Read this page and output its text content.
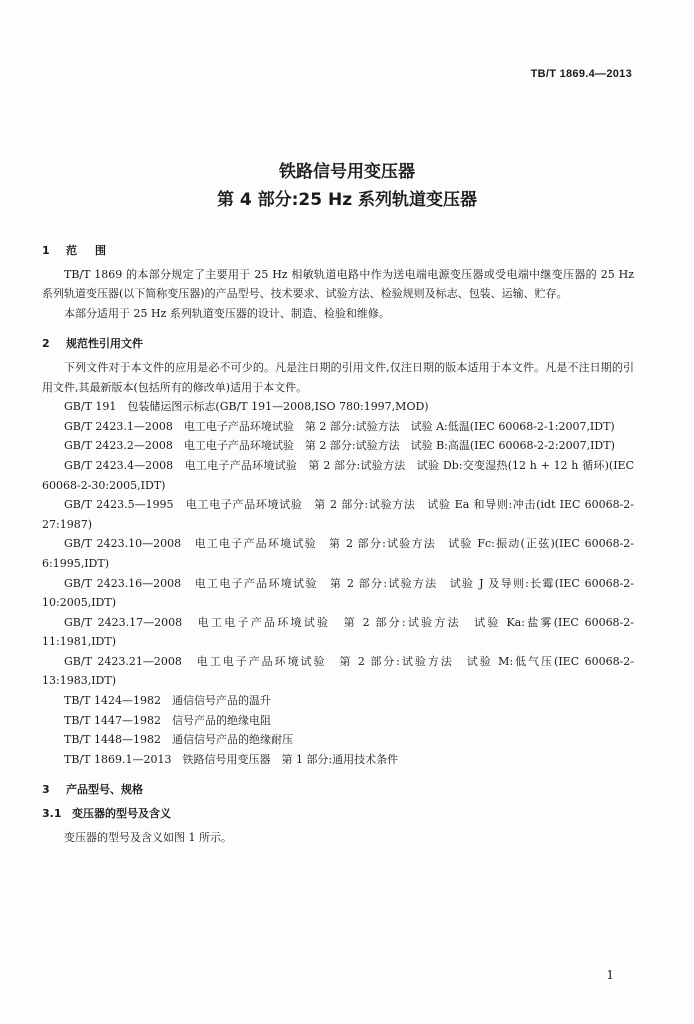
TB/T 1869.4—2013
铁路信号用变压器
第 4 部分:25 Hz 系列轨道变压器
1 范围

TB/T 1869 的本部分规定了主要用于 25 Hz 相敏轨道电路中作为送电端电源变压器或受电端中继变压器的 25 Hz 系列轨道变压器(以下简称变压器)的产品型号、技术要求、试验方法、检验规则及标志、包装、运输、贮存。

本部分适用于 25 Hz 系列轨道变压器的设计、制造、检验和维修。

2 规范性引用文件

下列文件对于本文件的应用是必不可少的。凡是注日期的引用文件,仅注日期的版本适用于本文件。凡是不注日期的引用文件,其最新版本(包括所有的修改单)适用于本文件。

GB/T 191　包装储运图示标志(GB/T 191—2008,ISO 780:1997,MOD)

GB/T 2423.1—2008　电工电子产品环境试验　第 2 部分:试验方法　试验 A:低温(IEC 60068-2-1:2007,IDT)

GB/T 2423.2—2008　电工电子产品环境试验　第 2 部分:试验方法　试验 B:高温(IEC 60068-2-2:2007,IDT)

GB/T 2423.4—2008　电工电子产品环境试验　第 2 部分:试验方法　试验 Db:交变湿热(12 h + 12 h 循环)(IEC 60068-2-30:2005,IDT)

GB/T 2423.5—1995　电工电子产品环境试验　第 2 部分:试验方法　试验 Ea 和导则:冲击(idt IEC 60068-2-27:1987)

GB/T 2423.10—2008　电工电子产品环境试验　第 2 部分:试验方法　试验 Fc:振动(正弦)(IEC 60068-2-6:1995,IDT)

GB/T 2423.16—2008　电工电子产品环境试验　第 2 部分:试验方法　试验 J 及导则:长霉(IEC 60068-2-10:2005,IDT)

GB/T 2423.17—2008　电工电子产品环境试验　第 2 部分:试验方法　试验 Ka:盐雾(IEC 60068-2-11:1981,IDT)

GB/T 2423.21—2008　电工电子产品环境试验　第 2 部分:试验方法　试验 M:低气压(IEC 60068-2-13:1983,IDT)

TB/T 1424—1982　通信信号产品的温升

TB/T 1447—1982　信号产品的绝缘电阻

TB/T 1448—1982　通信信号产品的绝缘耐压

TB/T 1869.1—2013　铁路信号用变压器　第 1 部分:通用技术条件

3 产品型号、规格
3.1 变压器的型号及含义

变压器的型号及含义如图 1 所示。

1
